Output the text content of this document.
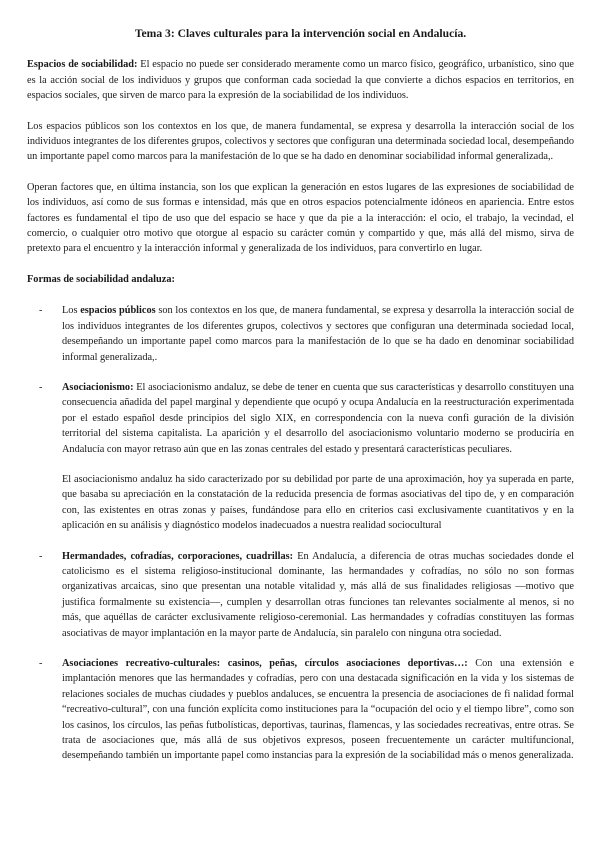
Tema 3: Claves culturales para la intervención social en Andalucía.

Espacios de sociabilidad: El espacio no puede ser considerado meramente como un marco físico, geográfico, urbanístico, sino que es la acción social de los individuos y grupos que conforman cada sociedad la que convierte a dichos espacios en territorios, en espacios sociales, que sirven de marco para la expresión de la sociabilidad de los individuos.

Los espacios públicos son los contextos en los que, de manera fundamental, se expresa y desarrolla la interacción social de los individuos integrantes de los diferentes grupos, colectivos y sectores que configuran una determinada sociedad local, desempeñando un importante papel como marcos para la manifestación de lo que se ha dado en denominar sociabilidad informal generalizada,.

Operan factores que, en última instancia, son los que explican la generación en estos lugares de las expresiones de sociabilidad de los individuos, así como de sus formas e intensidad, más que en otros espacios potencialmente idóneos en apariencia. Entre estos factores es fundamental el tipo de uso que del espacio se hace y que da pie a la interacción: el ocio, el trabajo, la vecindad, el comercio, o cualquier otro motivo que otorgue al espacio su carácter común y compartido y que, más allá del mismo, sirva de pretexto para el encuentro y la interacción informal y generalizada de los individuos, para convertirlo en lugar.

Formas de sociabilidad andaluza:
- Los espacios públicos son los contextos en los que, de manera fundamental, se expresa y desarrolla la interacción social de los individuos integrantes de los diferentes grupos, colectivos y sectores que configuran una determinada sociedad local, desempeñando un importante papel como marcos para la manifestación de lo que se ha dado en denominar sociabilidad informal generalizada,.

- Asociacionismo: El asociacionismo andaluz, se debe de tener en cuenta que sus características y desarrollo constituyen una consecuencia añadida del papel marginal y dependiente que ocupó y ocupa Andalucía en la reestructuración experimentada por el estado español desde principios del siglo XIX, en correspondencia con la nueva confi guración de la división territorial del sistema capitalista. La aparición y el desarrollo del asociacionismo voluntario moderno se produciría en Andalucía con mayor retraso aún que en las zonas centrales del estado y presentará características peculiares.

El asociacionismo andaluz ha sido caracterizado por su debilidad por parte de una aproximación, hoy ya superada en parte, que basaba su apreciación en la constatación de la reducida presencia de formas asociativas del tipo de, y en comparación con, las existentes en otras zonas y países, fundándose para ello en criterios casi exclusivamente cuantitativos y en la aplicación en su análisis y diagnóstico modelos inadecuados a nuestra realidad sociocultural

- Hermandades, cofradías, corporaciones, cuadrillas: En Andalucía, a diferencia de otras muchas sociedades donde el catolicismo es el sistema religioso-institucional dominante, las hermandades y cofradías, no sólo no son formas organizativas arcaicas, sino que presentan una notable vitalidad y, más allá de sus finalidades religiosas —motivo que justifica formalmente su existencia—, cumplen y desarrollan otras funciones tan relevantes socialmente al menos, si no más, que aquéllas de carácter exclusivamente religioso-ceremonial. Las hermandades y cofradías constituyen las formas asociativas de mayor implantación en la mayor parte de Andalucía, sin paralelo con ninguna otra sociedad.

- Asociaciones recreativo-culturales: casinos, peñas, círculos asociaciones deportivas…: Con una extensión e implantación menores que las hermandades y cofradías, pero con una destacada significación en la vida y los sistemas de relaciones sociales de muchas ciudades y pueblos andaluces, se encuentra la presencia de asociaciones de fi nalidad formal “recreativo-cultural”, con una función explícita como instituciones para la “ocupación del ocio y el tiempo libre”, como son los casinos, los círculos, las peñas futbolísticas, deportivas, taurinas, flamencas, y las sociedades recreativas, entre otras. Se trata de asociaciones que, más allá de sus objetivos expresos, poseen frecuentemente un carácter multifuncional, desempeñando también un importante papel como instancias para la expresión de la sociabilidad más o menos generalizada.
